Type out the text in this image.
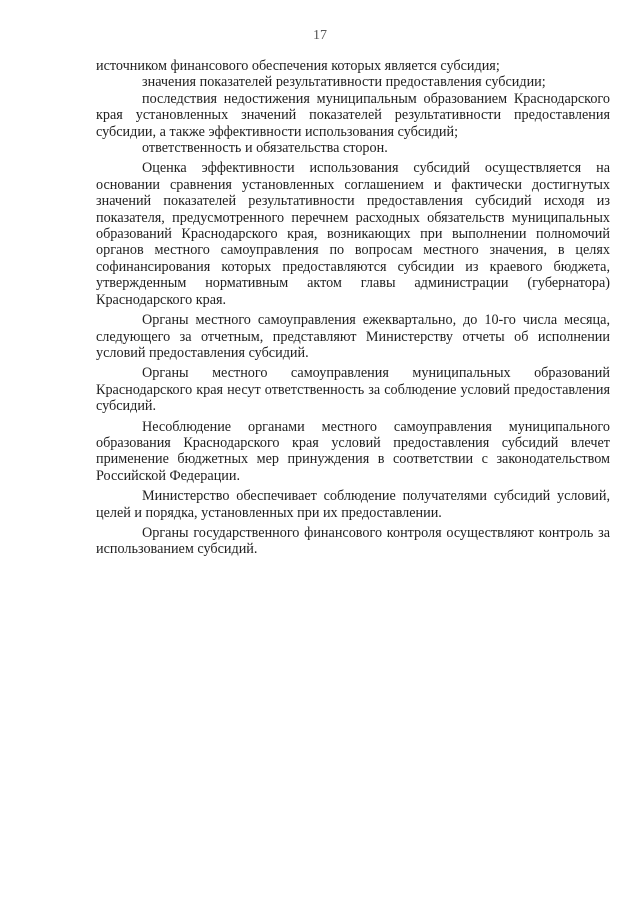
17

источником финансового обеспечения которых является субсидия;

значения показателей результативности предоставления субсидии;

последствия недостижения муниципальным образованием Краснодарского края установленных значений показателей результативности предоставления субсидии, а также эффективности использования субсидий;

ответственность и обязательства сторон.

Оценка эффективности использования субсидий осуществляется на основании сравнения установленных соглашением и фактически достигнутых значений показателей результативности предоставления субсидий исходя из показателя, предусмотренного перечнем расходных обязательств муниципальных образований Краснодарского края, возникающих при выполнении полномочий органов местного самоуправления по вопросам местного значения, в целях софинансирования которых предоставляются субсидии из краевого бюджета, утвержденным нормативным актом главы администрации (губернатора) Краснодарского края.

Органы местного самоуправления ежеквартально, до 10-го числа месяца, следующего за отчетным, представляют Министерству отчеты об исполнении условий предоставления субсидий.

Органы местного самоуправления муниципальных образований Краснодарского края несут ответственность за соблюдение условий предоставления субсидий.

Несоблюдение органами местного самоуправления муниципального образования Краснодарского края условий предоставления субсидий влечет применение бюджетных мер принуждения в соответствии с законодательством Российской Федерации.

Министерство обеспечивает соблюдение получателями субсидий условий, целей и порядка, установленных при их предоставлении.

Органы государственного финансового контроля осуществляют контроль за использованием субсидий.
